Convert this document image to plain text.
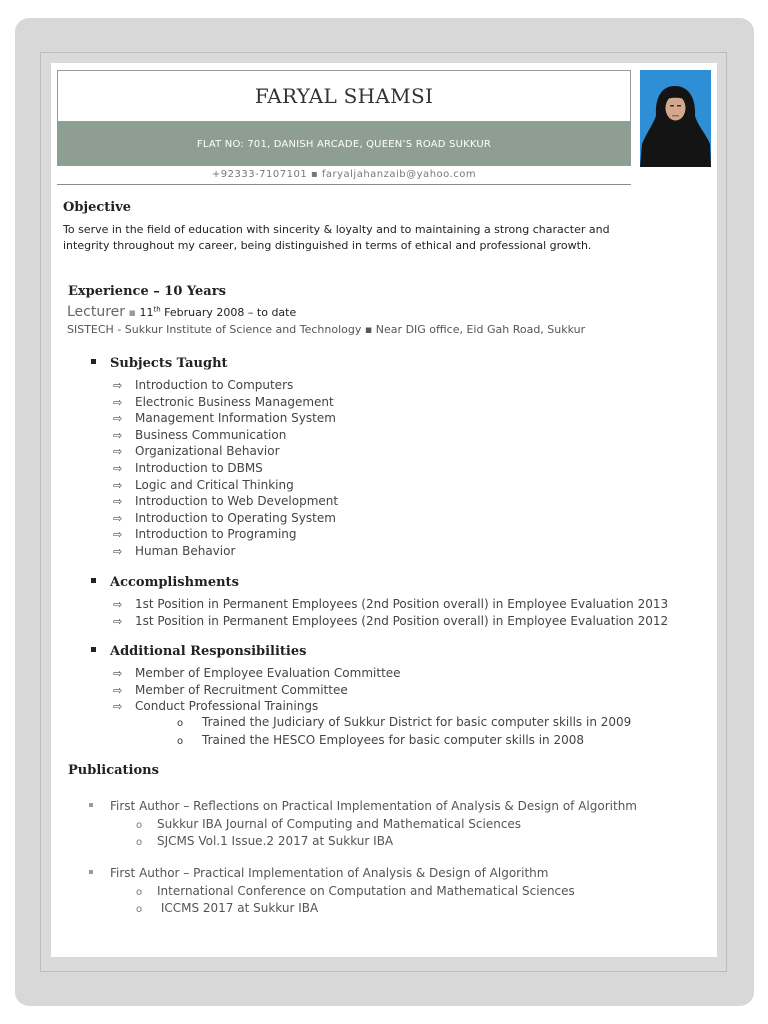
FARYAL SHAMSI
FLAT NO: 701, DANISH ARCADE, QUEEN’S ROAD SUKKUR
+92333-7107101 ▪ faryaljahanzaib@yahoo.com
Objective
To serve in the field of education with sincerity & loyalty and to maintaining a strong character and integrity throughout my career, being distinguished in terms of ethical and professional growth.
Experience – 10 Years
Lecturer ▪ 11th February 2008 – to date
SISTECH - Sukkur Institute of Science and Technology ▪ Near DIG office, Eid Gah Road, Sukkur
Subjects Taught
⇨ Introduction to Computers
⇨ Electronic Business Management
⇨ Management Information System
⇨ Business Communication
⇨ Organizational Behavior
⇨ Introduction to DBMS
⇨ Logic and Critical Thinking
⇨ Introduction to Web Development
⇨ Introduction to Operating System
⇨ Introduction to Programing
⇨ Human Behavior
Accomplishments
⇨ 1st Position in Permanent Employees (2nd Position overall) in Employee Evaluation 2013
⇨ 1st Position in Permanent Employees (2nd Position overall) in Employee Evaluation 2012
Additional Responsibilities
⇨ Member of Employee Evaluation Committee
⇨ Member of Recruitment Committee
⇨ Conduct Professional Trainings
o Trained the Judiciary of Sukkur District for basic computer skills in 2009
o Trained the HESCO Employees for basic computer skills in 2008
Publications
First Author – Reflections on Practical Implementation of Analysis & Design of Algorithm
o Sukkur IBA Journal of Computing and Mathematical Sciences
o SJCMS Vol.1 Issue.2 2017 at Sukkur IBA
First Author – Practical Implementation of Analysis & Design of Algorithm
o International Conference on Computation and Mathematical Sciences
o ICCMS 2017 at Sukkur IBA
